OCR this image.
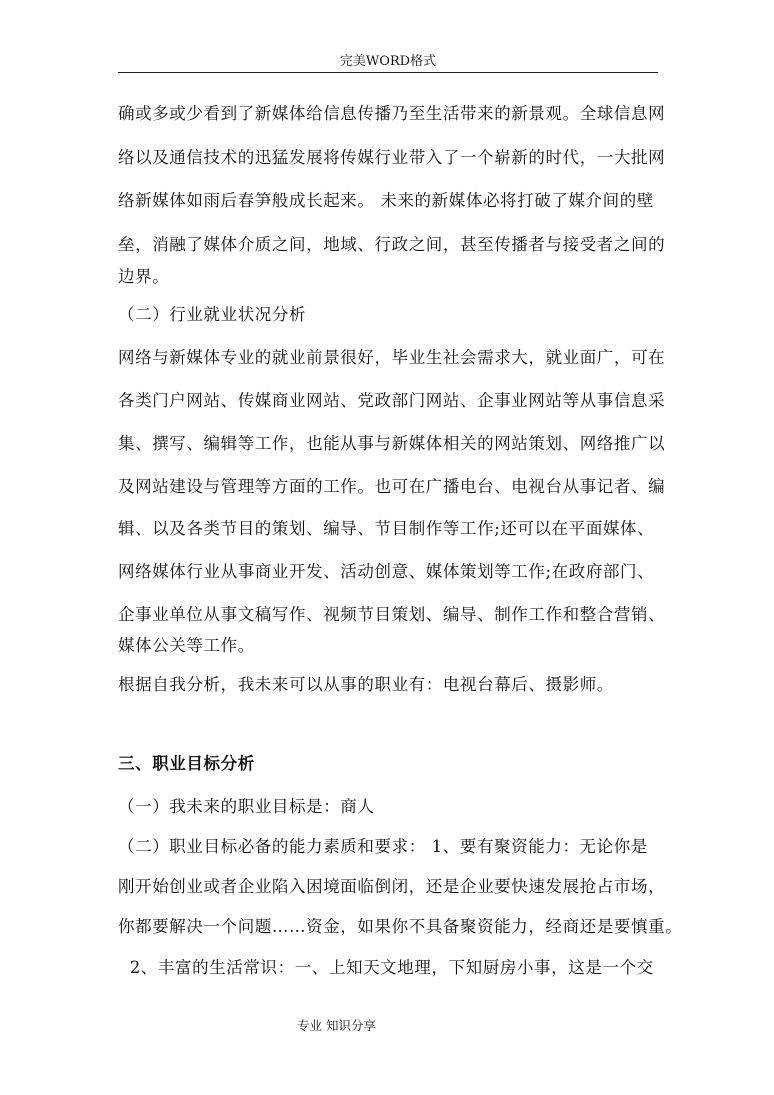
完美WORD格式
确或多或少看到了新媒体给信息传播乃至生活带来的新景观。全球信息网
络以及通信技术的迅猛发展将传媒行业带入了一个崭新的时代，一大批网
络新媒体如雨后春笋般成长起来。 未来的新媒体必将打破了媒介间的壁
垒，消融了媒体介质之间，地域、行政之间，甚至传播者与接受者之间的
边界。
（二）行业就业状况分析
网络与新媒体专业的就业前景很好，毕业生社会需求大，就业面广，可在
各类门户网站、传媒商业网站、党政部门网站、企事业网站等从事信息采
集、撰写、编辑等工作，也能从事与新媒体相关的网站策划、网络推广以
及网站建设与管理等方面的工作。也可在广播电台、电视台从事记者、编
辑、以及各类节目的策划、编导、节目制作等工作;还可以在平面媒体、
网络媒体行业从事商业开发、活动创意、媒体策划等工作;在政府部门、
企事业单位从事文稿写作、视频节目策划、编导、制作工作和整合营销、
媒体公关等工作。
根据自我分析，我未来可以从事的职业有：电视台幕后、摄影师。
三、职业目标分析
（一）我未来的职业目标是：商人
（二）职业目标必备的能力素质和要求： 1、要有聚资能力：无论你是
刚开始创业或者企业陷入困境面临倒闭，还是企业要快速发展抢占市场，
你都要解决一个问题……资金，如果你不具备聚资能力，经商还是要慎重。
2、丰富的生活常识：一、上知天文地理，下知厨房小事，这是一个交
专业 知识分享
